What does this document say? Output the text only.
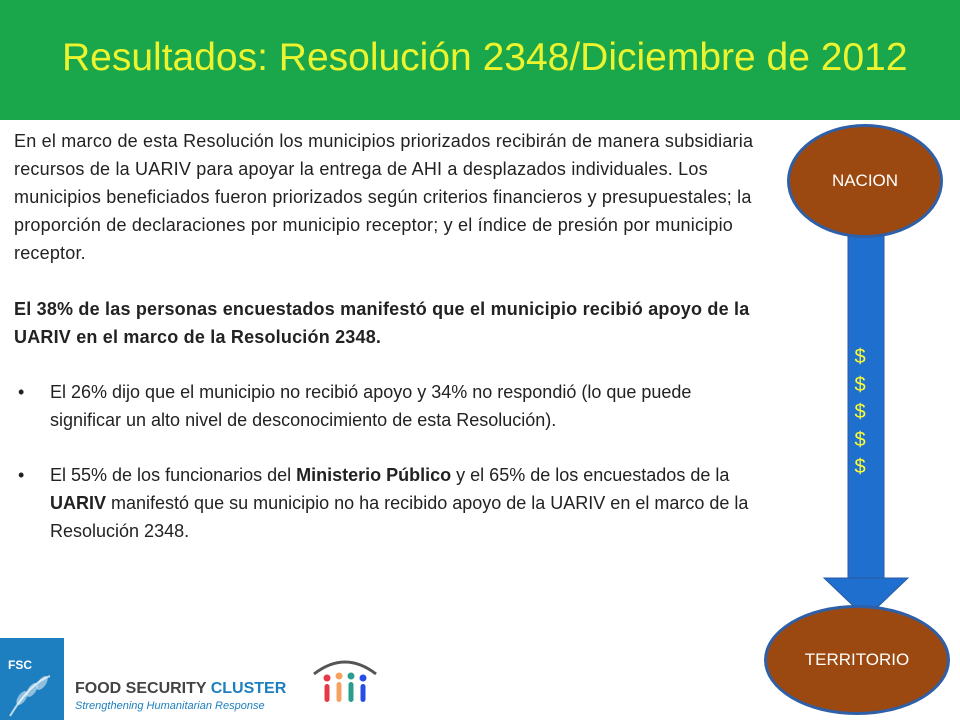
Resultados: Resolución 2348/Diciembre de 2012

En el marco de esta Resolución los municipios priorizados recibirán de manera subsidiaria recursos de la UARIV para apoyar la entrega de AHI a desplazados individuales. Los municipios beneficiados fueron priorizados según criterios financieros y presupuestales; la proporción de declaraciones por municipio receptor; y el índice de presión por municipio receptor.

El 38% de las personas encuestados manifestó que el municipio recibió apoyo de la UARIV en el marco de la Resolución 2348.

• El 26% dijo que el municipio no recibió apoyo y 34% no respondió (lo que puede significar un alto nivel de desconocimiento de esta Resolución).
• El 55% de los funcionarios del Ministerio Público y el 65% de los encuestados de la UARIV manifestó que su municipio no ha recibido apoyo de la UARIV en el marco de la Resolución 2348.
$
$
$
$
$
NACION
TERRITORIO
FSC
FOOD SECURITY CLUSTER
Strengthening Humanitarian Response
